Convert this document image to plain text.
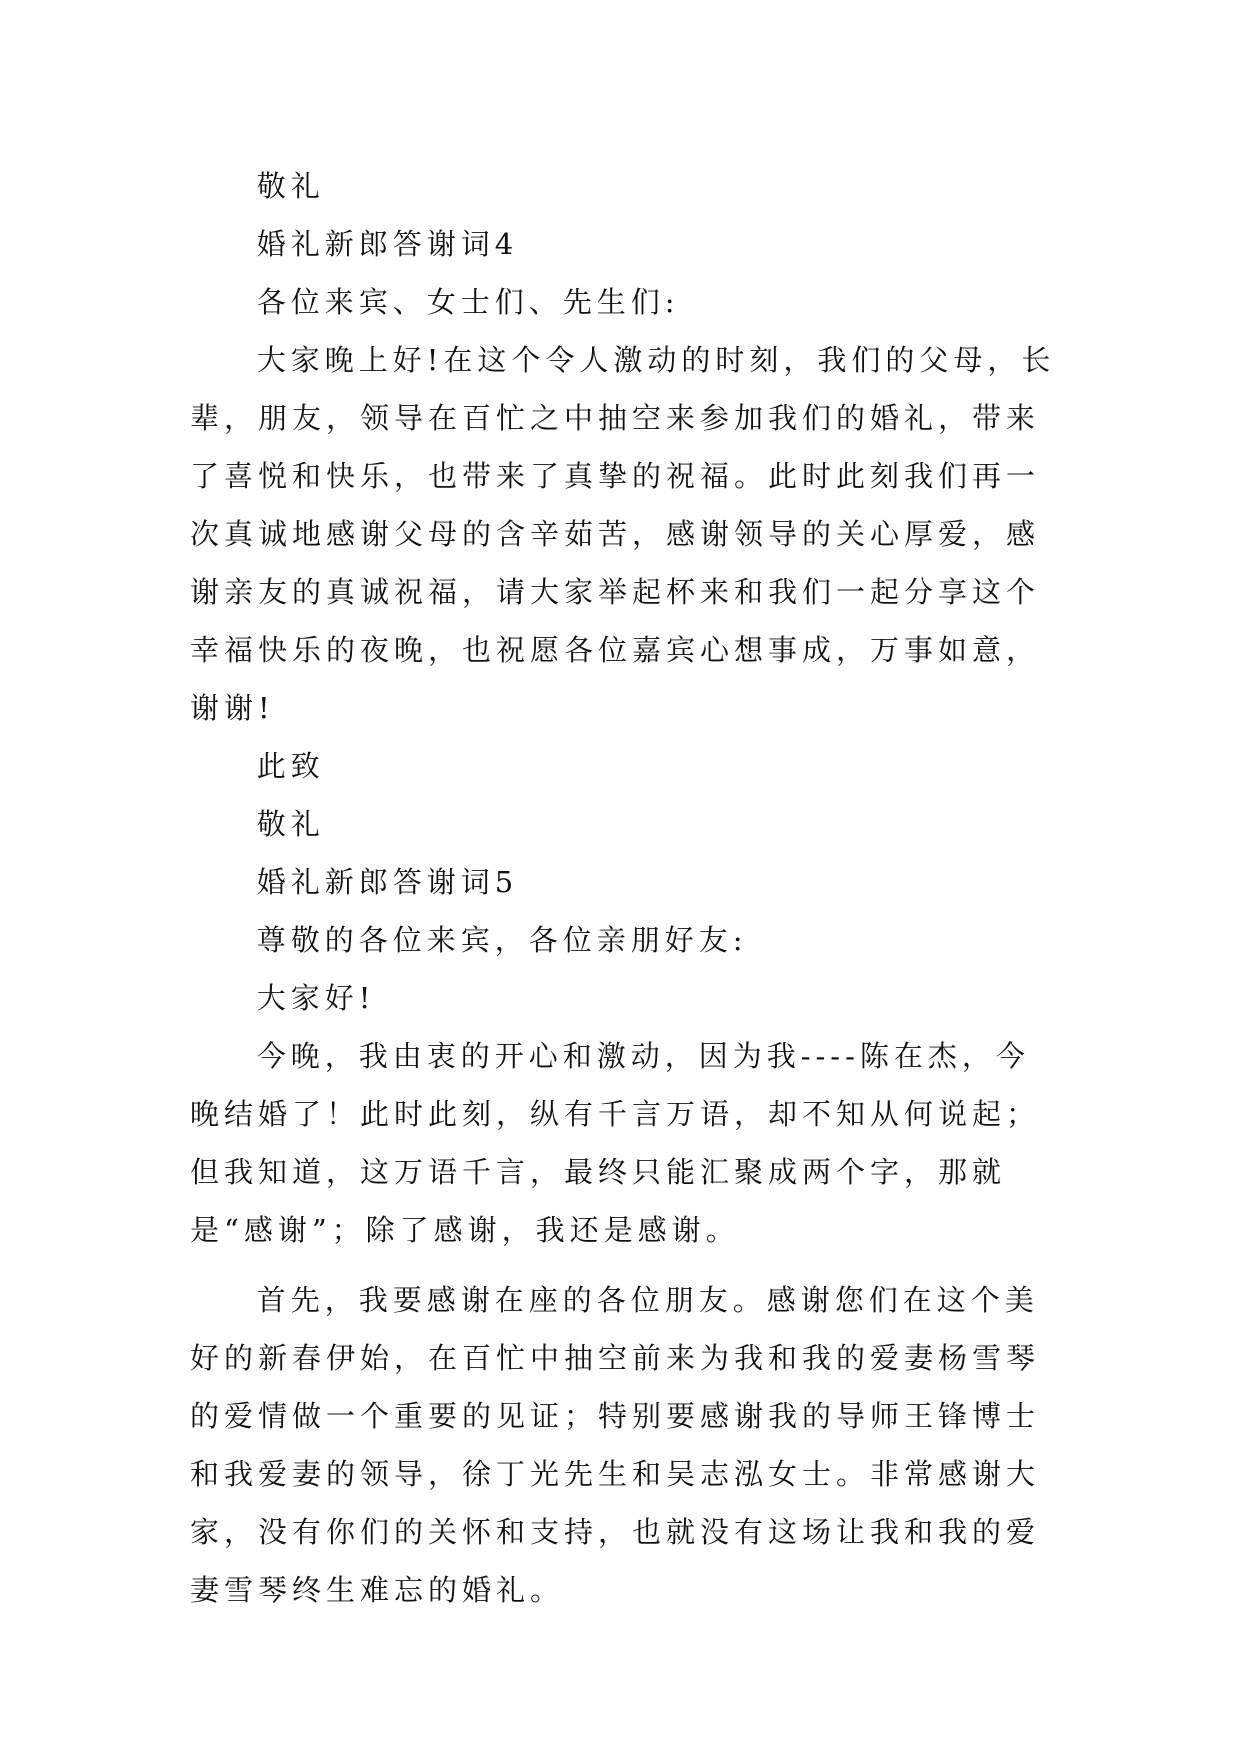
敬礼

婚礼新郎答谢词4

各位来宾、女士们、先生们:

大家晚上好!在这个令人激动的时刻，我们的父母，长辈，朋友，领导在百忙之中抽空来参加我们的婚礼，带来了喜悦和快乐，也带来了真挚的祝福。此时此刻我们再一次真诚地感谢父母的含辛茹苦，感谢领导的关心厚爱，感谢亲友的真诚祝福，请大家举起杯来和我们一起分享这个幸福快乐的夜晚，也祝愿各位嘉宾心想事成，万事如意，谢谢!

此致

敬礼

婚礼新郎答谢词5

尊敬的各位来宾，各位亲朋好友:

大家好!

今晚，我由衷的开心和激动，因为我----陈在杰，今晚结婚了！此时此刻，纵有千言万语，却不知从何说起；但我知道，这万语千言，最终只能汇聚成两个字，那就是“感谢”；除了感谢，我还是感谢。

首先，我要感谢在座的各位朋友。感谢您们在这个美好的新春伊始，在百忙中抽空前来为我和我的爱妻杨雪琴的爱情做一个重要的见证；特别要感谢我的导师王锋博士和我爱妻的领导，徐丁光先生和吴志泓女士。非常感谢大家，没有你们的关怀和支持，也就没有这场让我和我的爱妻雪琴终生难忘的婚礼。
